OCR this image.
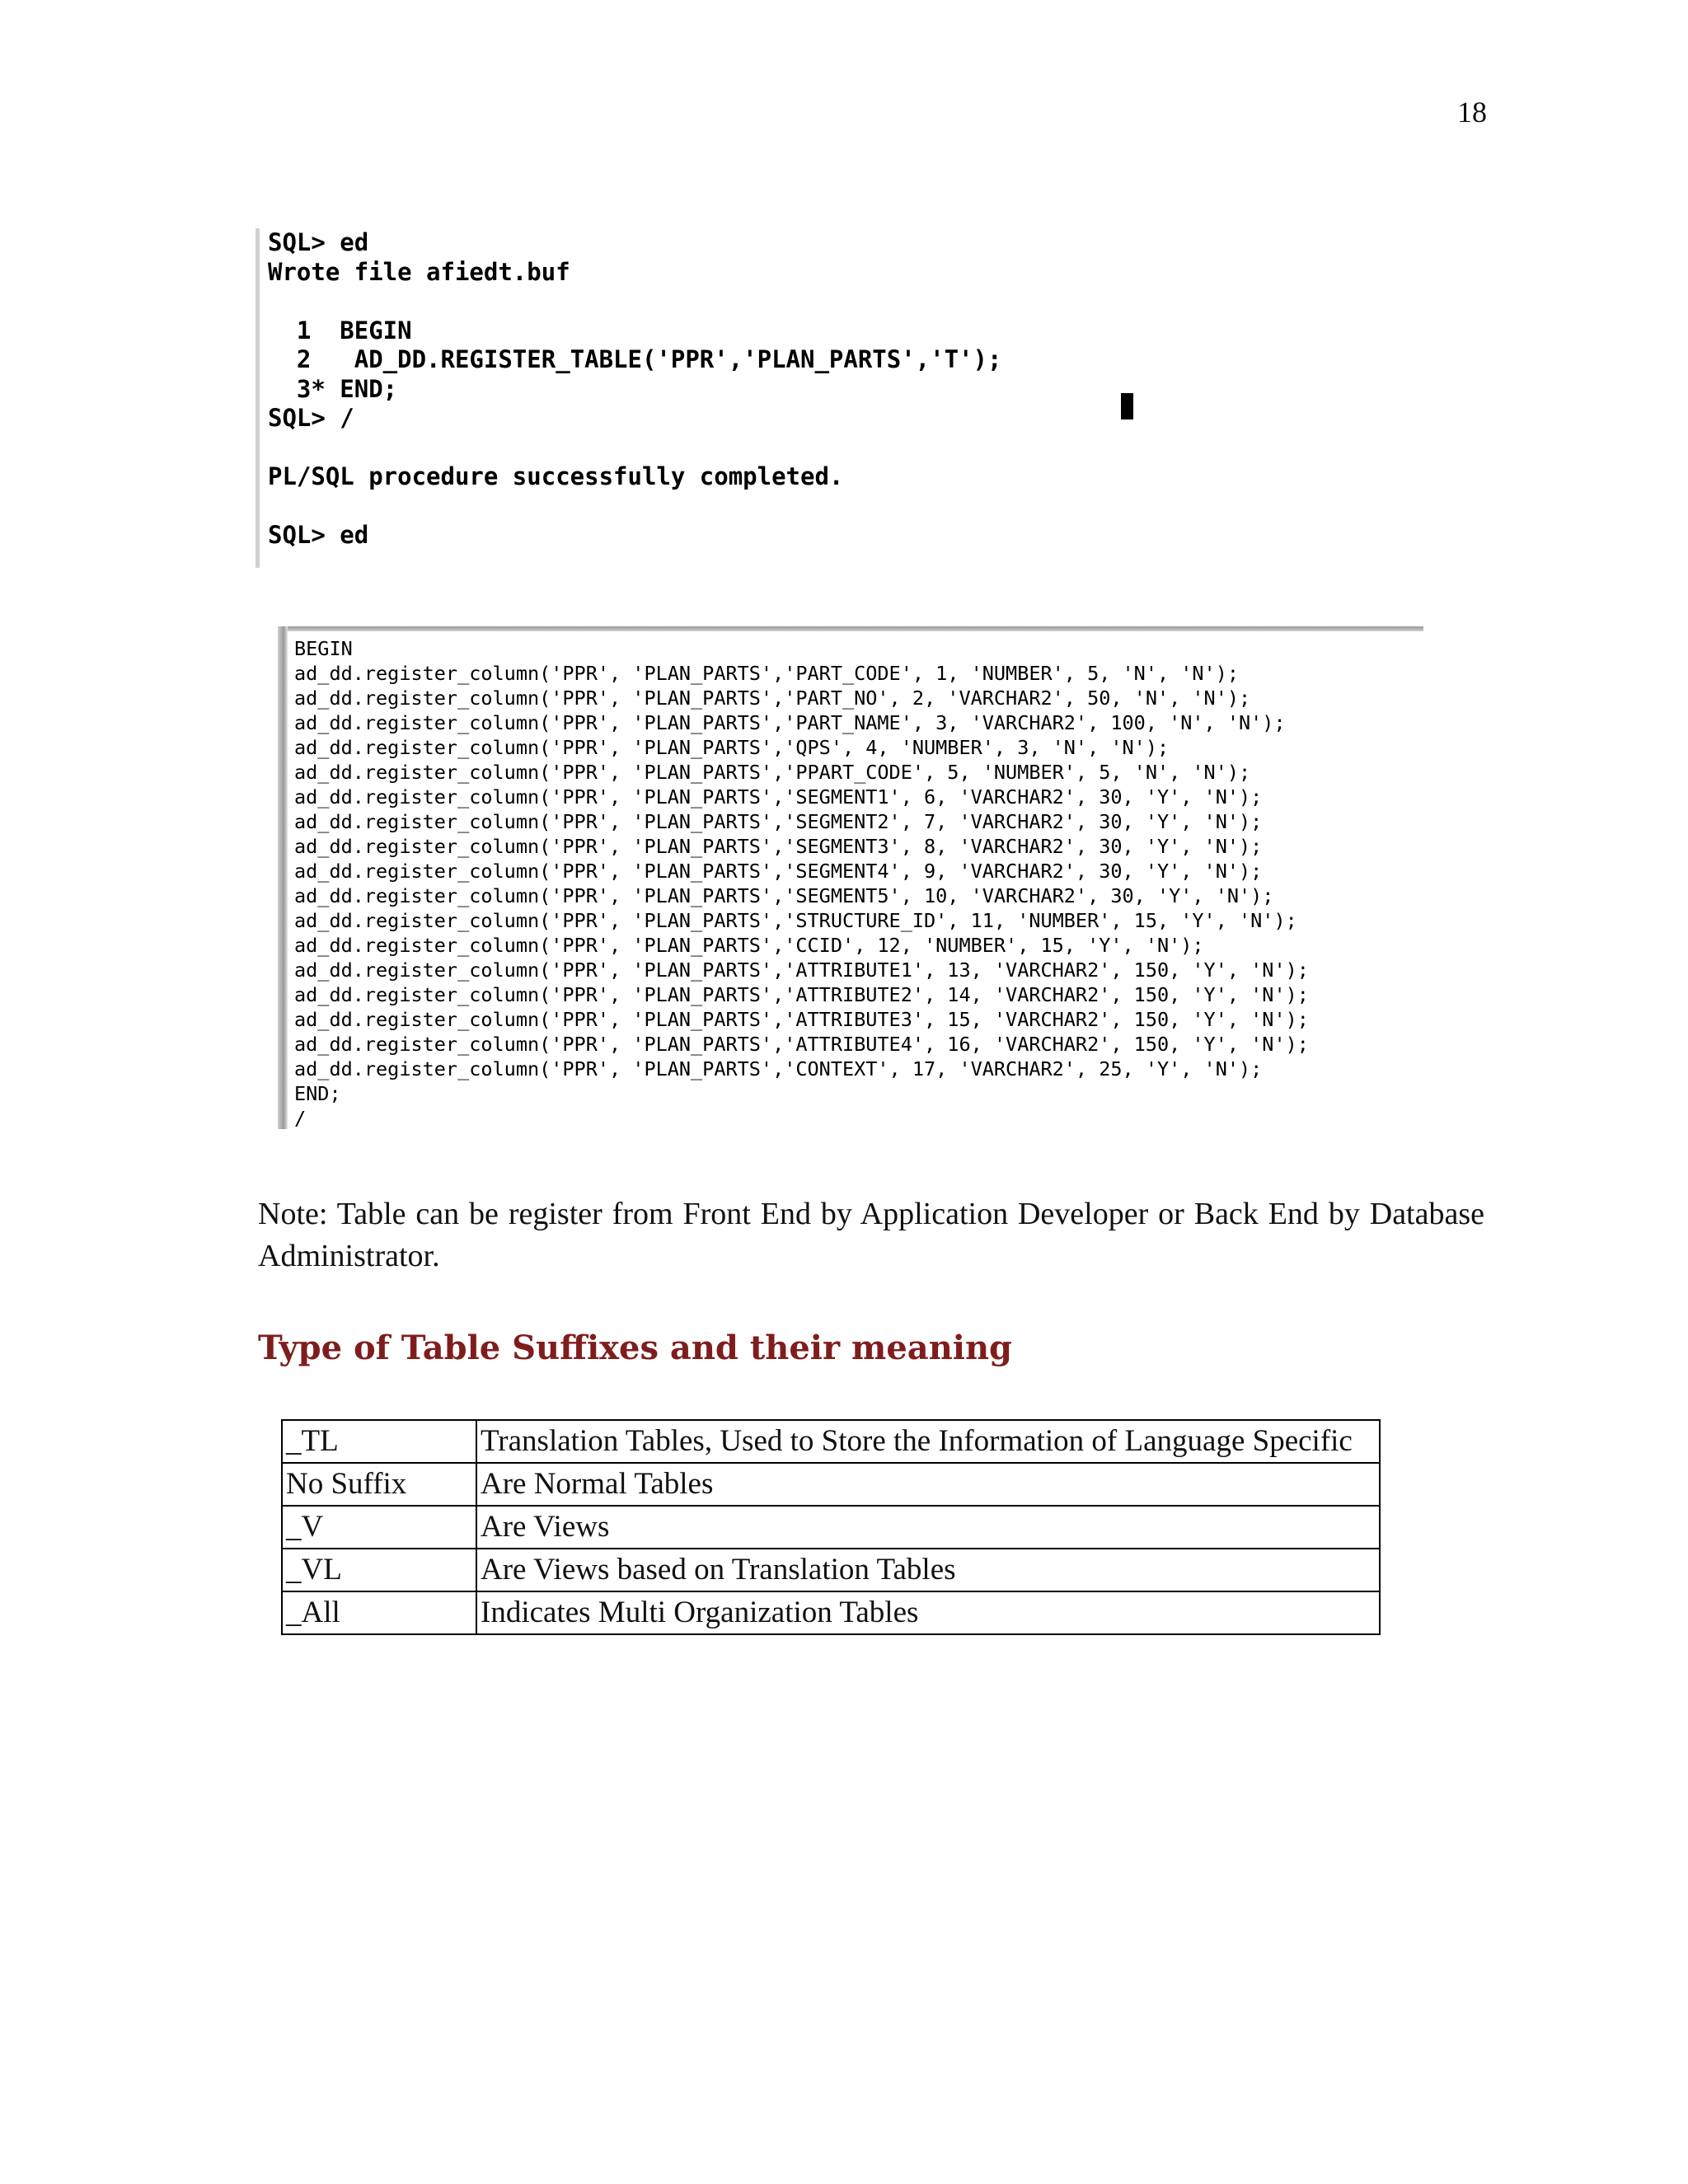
18
SQL> ed
Wrote file afiedt.buf
1  BEGIN
2   AD_DD.REGISTER_TABLE('PPR','PLAN_PARTS','T');
3* END;
SQL> /
PL/SQL procedure successfully completed.
SQL> ed
BEGIN
ad_dd.register_column('PPR', 'PLAN_PARTS','PART_CODE', 1, 'NUMBER', 5, 'N', 'N');
ad_dd.register_column('PPR', 'PLAN_PARTS','PART_NO', 2, 'VARCHAR2', 50, 'N', 'N');
ad_dd.register_column('PPR', 'PLAN_PARTS','PART_NAME', 3, 'VARCHAR2', 100, 'N', 'N');
ad_dd.register_column('PPR', 'PLAN_PARTS','QPS', 4, 'NUMBER', 3, 'N', 'N');
ad_dd.register_column('PPR', 'PLAN_PARTS','PPART_CODE', 5, 'NUMBER', 5, 'N', 'N');
ad_dd.register_column('PPR', 'PLAN_PARTS','SEGMENT1', 6, 'VARCHAR2', 30, 'Y', 'N');
ad_dd.register_column('PPR', 'PLAN_PARTS','SEGMENT2', 7, 'VARCHAR2', 30, 'Y', 'N');
ad_dd.register_column('PPR', 'PLAN_PARTS','SEGMENT3', 8, 'VARCHAR2', 30, 'Y', 'N');
ad_dd.register_column('PPR', 'PLAN_PARTS','SEGMENT4', 9, 'VARCHAR2', 30, 'Y', 'N');
ad_dd.register_column('PPR', 'PLAN_PARTS','SEGMENT5', 10, 'VARCHAR2', 30, 'Y', 'N');
ad_dd.register_column('PPR', 'PLAN_PARTS','STRUCTURE_ID', 11, 'NUMBER', 15, 'Y', 'N');
ad_dd.register_column('PPR', 'PLAN_PARTS','CCID', 12, 'NUMBER', 15, 'Y', 'N');
ad_dd.register_column('PPR', 'PLAN_PARTS','ATTRIBUTE1', 13, 'VARCHAR2', 150, 'Y', 'N');
ad_dd.register_column('PPR', 'PLAN_PARTS','ATTRIBUTE2', 14, 'VARCHAR2', 150, 'Y', 'N');
ad_dd.register_column('PPR', 'PLAN_PARTS','ATTRIBUTE3', 15, 'VARCHAR2', 150, 'Y', 'N');
ad_dd.register_column('PPR', 'PLAN_PARTS','ATTRIBUTE4', 16, 'VARCHAR2', 150, 'Y', 'N');
ad_dd.register_column('PPR', 'PLAN_PARTS','CONTEXT', 17, 'VARCHAR2', 25, 'Y', 'N');
END;
/

Note: Table can be register from Front End by Application Developer or Back End by Database Administrator.

Type of Table Suffixes and their meaning
_TL	Translation Tables, Used to Store the Information of Language Specific
No Suffix	Are Normal Tables
_V	Are Views
_VL	Are Views based on Translation Tables
_All	Indicates Multi Organization Tables
